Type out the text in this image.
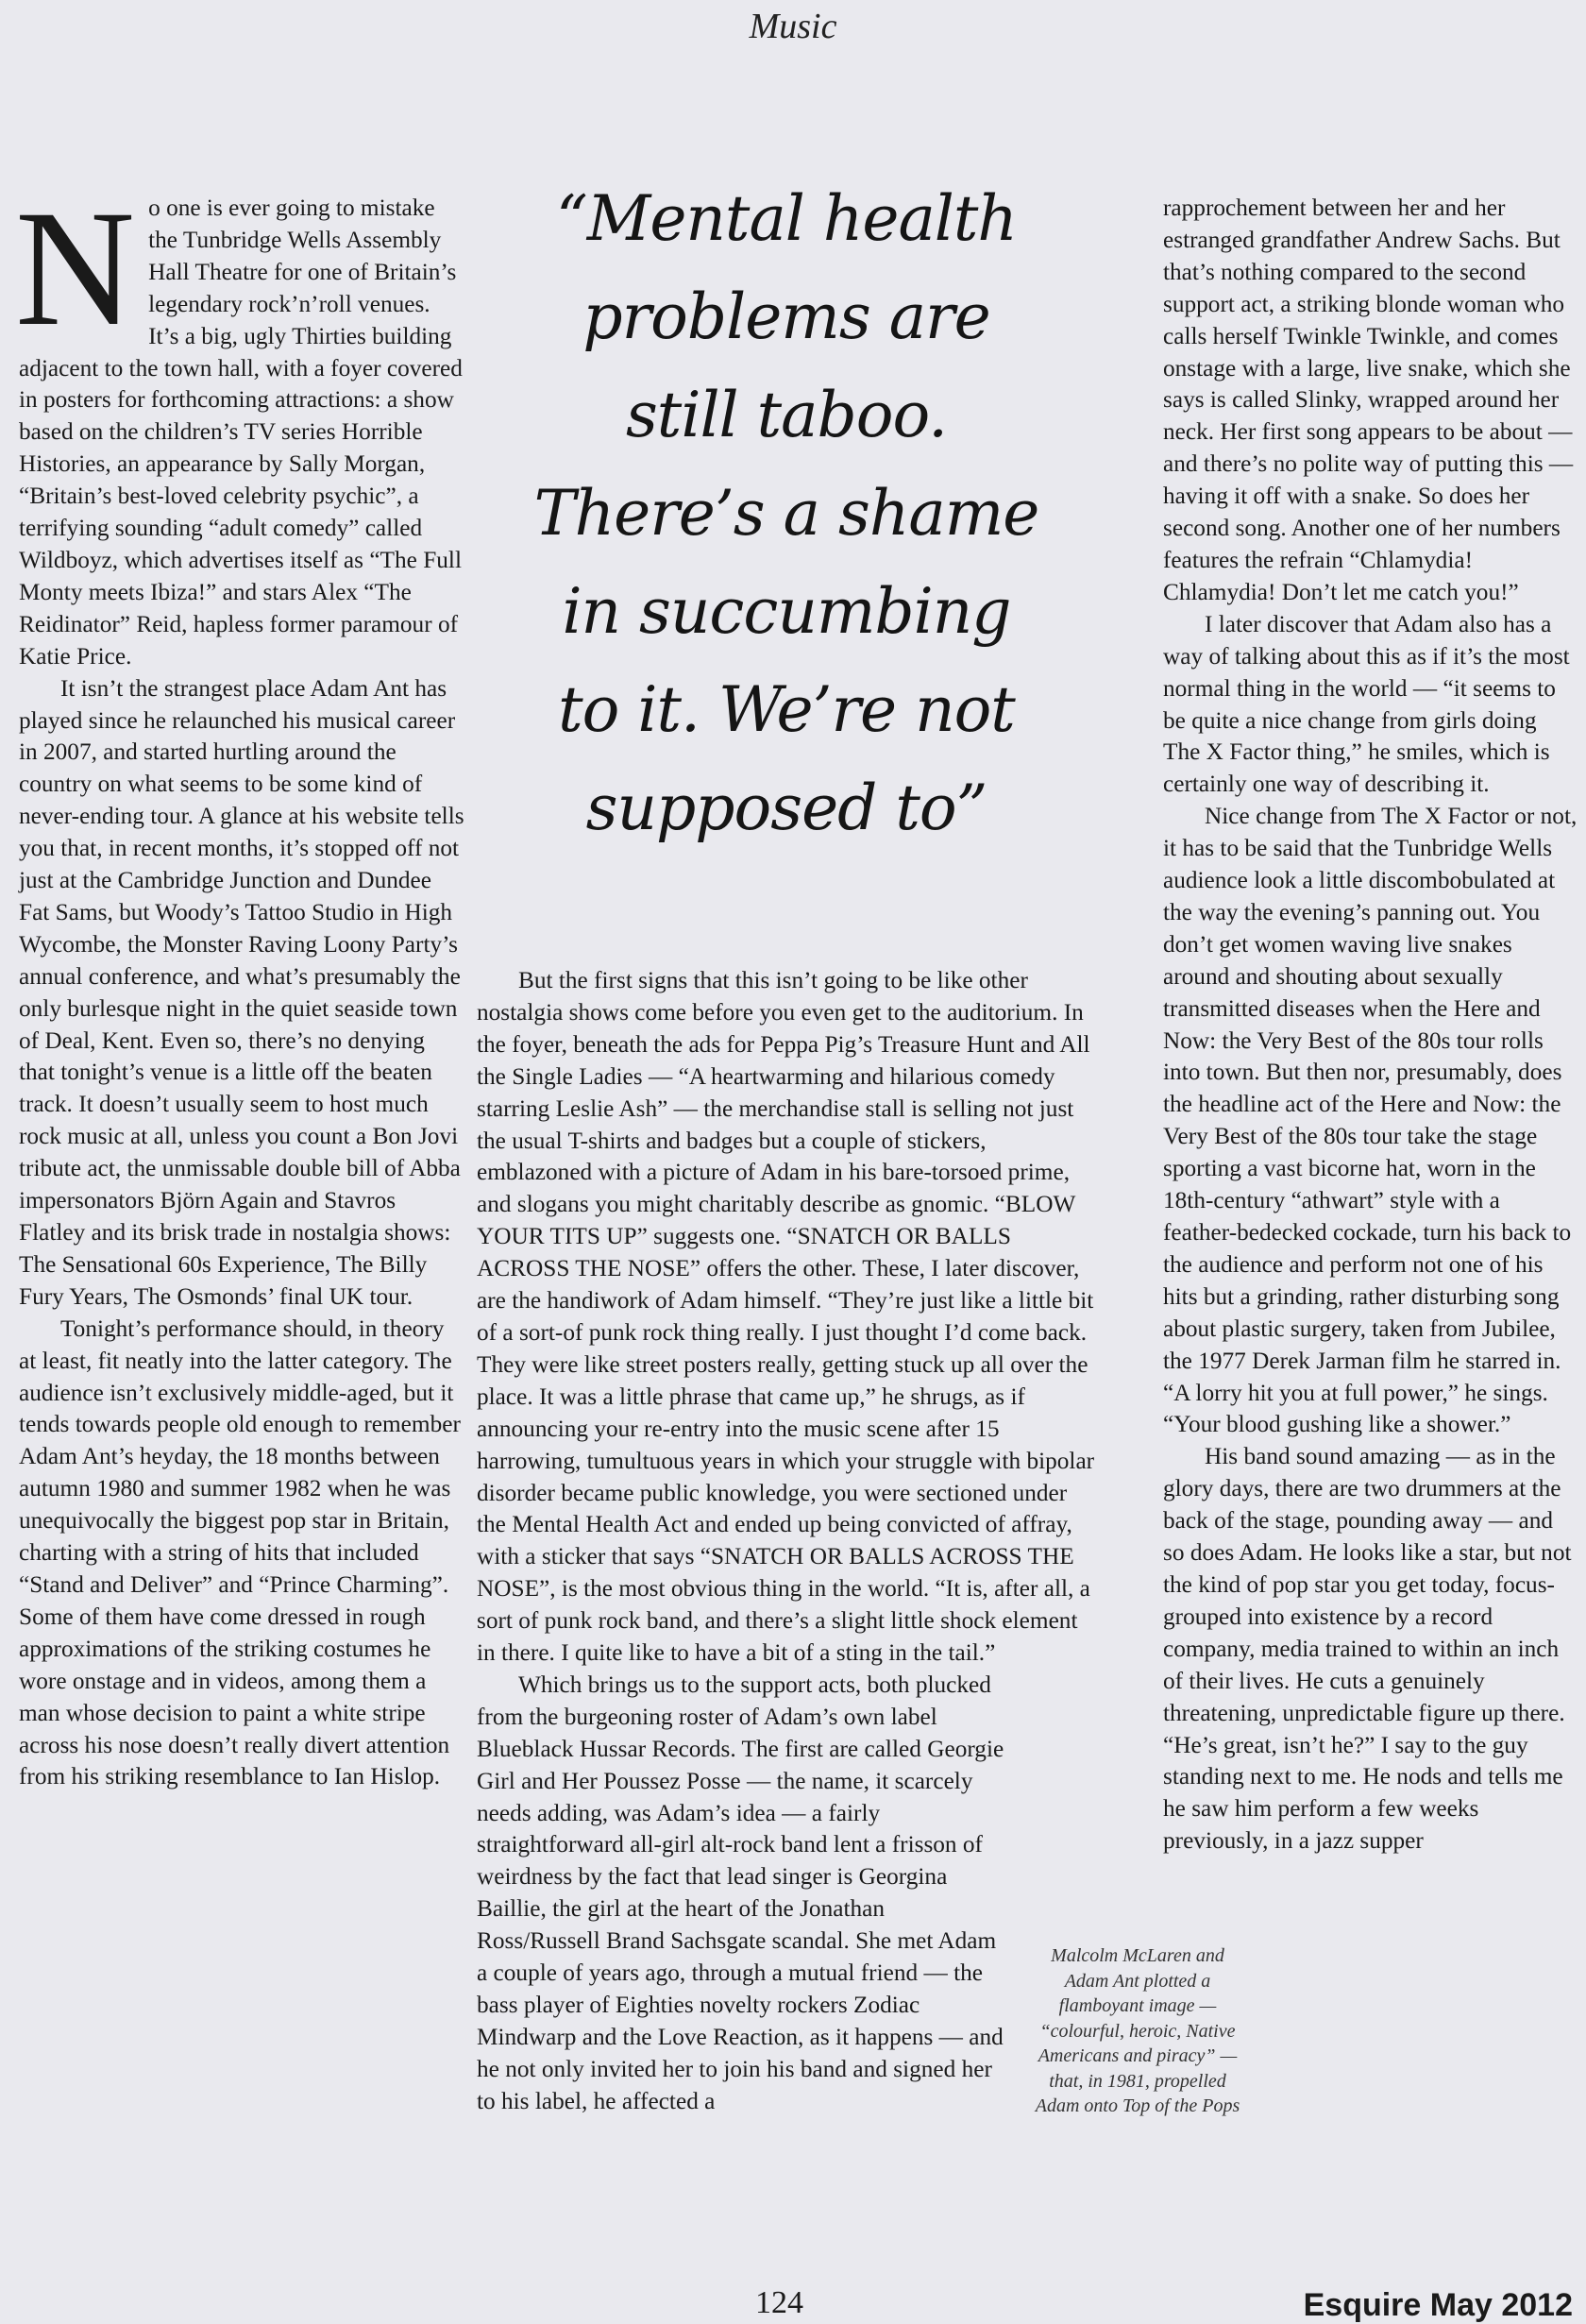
Music

No one is ever going to mistake the Tunbridge Wells Assembly Hall Theatre for one of Britain’s legendary rock’n’roll venues. It’s a big, ugly Thirties building adjacent to the town hall, with a foyer covered in posters for forthcoming attractions: a show based on the children’s TV series Horrible Histories, an appearance by Sally Morgan, “Britain’s best-loved celebrity psychic”, a terrifying sounding “adult comedy” called Wildboyz, which advertises itself as “The Full Monty meets Ibiza!” and stars Alex “The Reidinator” Reid, hapless former paramour of Katie Price.

It isn’t the strangest place Adam Ant has played since he relaunched his musical career in 2007, and started hurtling around the country on what seems to be some kind of never-ending tour. A glance at his website tells you that, in recent months, it’s stopped off not just at the Cambridge Junction and Dundee Fat Sams, but Woody’s Tattoo Studio in High Wycombe, the Monster Raving Loony Party’s annual conference, and what’s presumably the only burlesque night in the quiet seaside town of Deal, Kent. Even so, there’s no denying that tonight’s venue is a little off the beaten track. It doesn’t usually seem to host much rock music at all, unless you count a Bon Jovi tribute act, the unmissable double bill of Abba impersonators Björn Again and Stavros Flatley and its brisk trade in nostalgia shows: The Sensational 60s Experience, The Billy Fury Years, The Osmonds’ final UK tour.

Tonight’s performance should, in theory at least, fit neatly into the latter category. The audience isn’t exclusively middle-aged, but it tends towards people old enough to remember Adam Ant’s heyday, the 18 months between autumn 1980 and summer 1982 when he was unequivocally the biggest pop star in Britain, charting with a string of hits that included “Stand and Deliver” and “Prince Charming”. Some of them have come dressed in rough approximations of the striking costumes he wore onstage and in videos, among them a man whose decision to paint a white stripe across his nose doesn’t really divert attention from his striking resemblance to Ian Hislop.

“Mental health
problems are
still taboo.
There’s a shame
in succumbing
to it. We’re not
supposed to”

But the first signs that this isn’t going to be like other nostalgia shows come before you even get to the auditorium. In the foyer, beneath the ads for Peppa Pig’s Treasure Hunt and All the Single Ladies — “A heartwarming and hilarious comedy starring Leslie Ash” — the merchandise stall is selling not just the usual T-shirts and badges but a couple of stickers, emblazoned with a picture of Adam in his bare-torsoed prime, and slogans you might charitably describe as gnomic. “BLOW YOUR TITS UP” suggests one. “SNATCH OR BALLS ACROSS THE NOSE” offers the other. These, I later discover, are the handiwork of Adam himself. “They’re just like a little bit of a sort-of punk rock thing really. I just thought I’d come back. They were like street posters really, getting stuck up all over the place. It was a little phrase that came up,” he shrugs, as if announcing your re-entry into the music scene after 15 harrowing, tumultuous years in which your struggle with bipolar disorder became public knowledge, you were sectioned under the Mental Health Act and ended up being convicted of affray, with a sticker that says “SNATCH OR BALLS ACROSS THE NOSE”, is the most obvious thing in the world. “It is, after all, a sort of punk rock band, and there’s a slight little shock element in there. I quite like to have a bit of a sting in the tail.”

Which brings us to the support acts, both plucked from the burgeoning roster of Adam’s own label Blueblack Hussar Records. The first are called Georgie Girl and Her Poussez Posse — the name, it scarcely needs adding, was Adam’s idea — a fairly straightforward all-girl alt-rock band lent a frisson of weirdness by the fact that lead singer is Georgina Baillie, the girl at the heart of the Jonathan Ross/Russell Brand Sachsgate scandal. She met Adam a couple of years ago, through a mutual friend — the bass player of Eighties novelty rockers Zodiac Mindwarp and the Love Reaction, as it happens — and he not only invited her to join his band and signed her to his label, he affected a

rapprochement between her and her estranged grandfather Andrew Sachs. But that’s nothing compared to the second support act, a striking blonde woman who calls herself Twinkle Twinkle, and comes onstage with a large, live snake, which she says is called Slinky, wrapped around her neck. Her first song appears to be about — and there’s no polite way of putting this — having it off with a snake. So does her second song. Another one of her numbers features the refrain “Chlamydia! Chlamydia! Don’t let me catch you!”

I later discover that Adam also has a way of talking about this as if it’s the most normal thing in the world — “it seems to be quite a nice change from girls doing The X Factor thing,” he smiles, which is certainly one way of describing it.

Nice change from The X Factor or not, it has to be said that the Tunbridge Wells audience look a little discombobulated at the way the evening’s panning out. You don’t get women waving live snakes around and shouting about sexually transmitted diseases when the Here and Now: the Very Best of the 80s tour rolls into town. But then nor, presumably, does the headline act of the Here and Now: the Very Best of the 80s tour take the stage sporting a vast bicorne hat, worn in the 18th-century “athwart” style with a feather-bedecked cockade, turn his back to the audience and perform not one of his hits but a grinding, rather disturbing song about plastic surgery, taken from Jubilee, the 1977 Derek Jarman film he starred in. “A lorry hit you at full power,” he sings. “Your blood gushing like a shower.”

His band sound amazing — as in the glory days, there are two drummers at the back of the stage, pounding away — and so does Adam. He looks like a star, but not the kind of pop star you get today, focus-grouped into existence by a record company, media trained to within an inch of their lives. He cuts a genuinely threatening, unpredictable figure up there. “He’s great, isn’t he?” I say to the guy standing next to me. He nods and tells me he saw him perform a few weeks previously, in a jazz supper

Malcolm McLaren and Adam Ant plotted a flamboyant image — “colourful, heroic, Native Americans and piracy” — that, in 1981, propelled Adam onto Top of the Pops
124	Esquire May 2012
